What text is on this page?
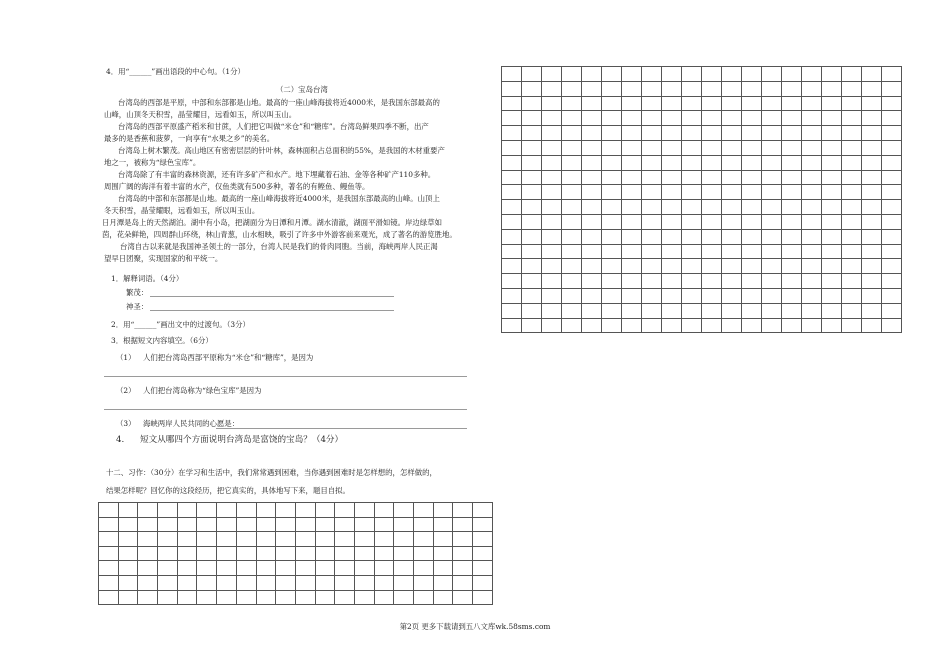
4．用“______”画出语段的中心句。（1分）
（二）宝岛台湾
台湾岛的西部是平原，中部和东部都是山地。最高的一座山峰海拔将近4000米，是我国东部最高的
山峰，山顶冬天积雪，晶莹耀目，远看如玉，所以叫玉山。
台湾岛的西部平原盛产稻米和甘蔗，人们把它叫做“米仓”和“糖库”。台湾岛鲜果四季不断，出产
最多的是香蕉和菠萝，一向享有“水果之乡”的美名。
台湾岛上树木繁茂。高山地区有密密层层的针叶林，森林面积占总面积的55%，是我国的木材重要产
地之一，被称为“绿色宝库”。
台湾岛除了有丰富的森林资源，还有许多矿产和水产。地下埋藏着石油、金等各种矿产110多种。
周围广阔的海洋有着丰富的水产，仅鱼类就有500多种，著名的有鲣鱼、鳗鱼等。
台湾岛的中部和东部都是山地。最高的一座山峰海拔将近4000米，是我国东部最高的山峰。山顶上
冬天积雪，晶莹耀眼，远看如玉，所以叫玉山。
日月潭是岛上的天然湖泊。湖中有小岛，把湖面分为日潭和月潭。湖水清澈，湖面平滑如镜。岸边绿草如
茵，花朵鲜艳，四周群山环绕，林山青葱，山水相映，吸引了许多中外游客前来观光，成了著名的游览胜地。
台湾自古以来就是我国神圣领土的一部分，台湾人民是我们的骨肉同胞。当前，海峡两岸人民正渴
望早日团聚，实现国家的和平统一。
1．解释词语。（4分）
繁茂：
神圣：
2．用“______”画出文中的过渡句。（3分）
3．根据短文内容填空。（6分）
（1） 人们把台湾岛西部平原称为“米仓”和“糖库”，是因为
（2） 人们把台湾岛称为“绿色宝库”是因为
（3） 海峡两岸人民共同的心愿是：
4. 短文从哪四个方面说明台湾岛是富饶的宝岛？（4分）
十二、习作：（30分）在学习和生活中，我们常常遇到困难，当你遇到困难时是怎样想的，怎样做的，
结果怎样呢？回忆你的这段经历，把它真实的，具体地写下来，题目自拟。
第2页 更多下载请到五八文库wk.58sms.com
